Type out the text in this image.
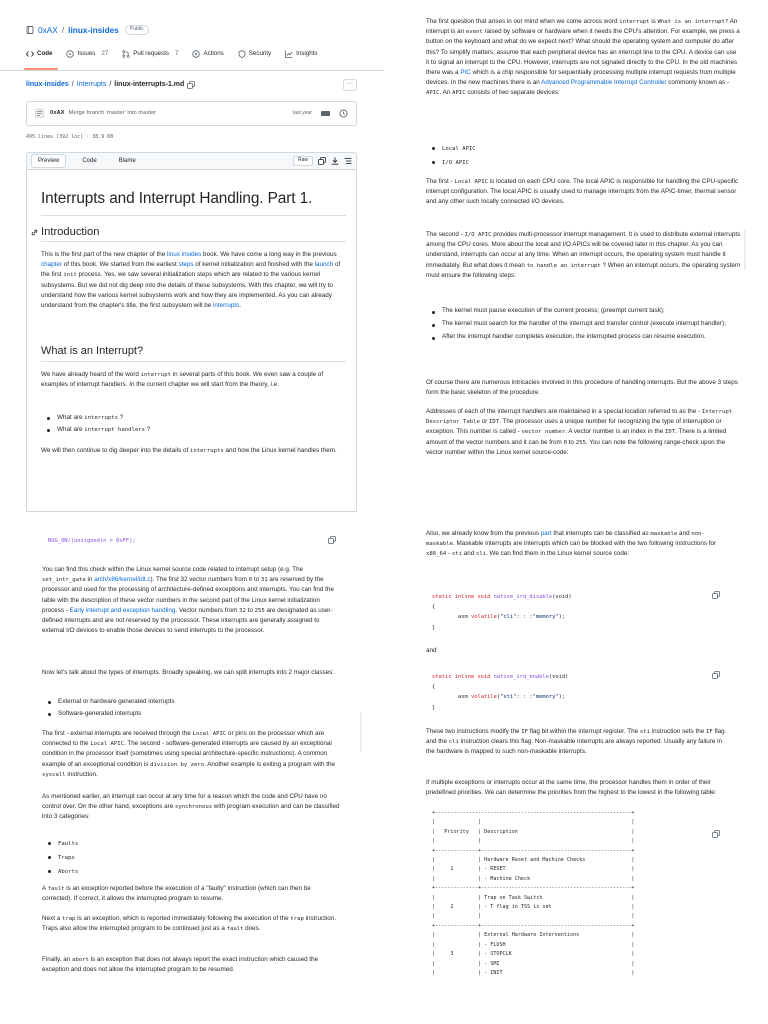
0xAX / linux-insides	Public
Code	Issues 27	Pull requests 7	Actions	Security	Insights
linux-insides / Interrupts / linux-interrupts-1.md	···
0xAX Merge branch 'master' into master	last year
495 lines (392 loc) · 38.9 KB
Preview	Code	Blame	Raw
Interrupts and Interrupt Handling. Part 1.
Introduction
This is the first part of the new chapter of the linux insides book. We have come a long way in the previous chapter of this book. We started from the earliest steps of kernel initialization and finished with the launch of the first init process. Yes, we saw several initialization steps which are related to the various kernel subsystems. But we did not dig deep into the details of these subsystems. With this chapter, we will try to understand how the various kernel subsystems work and how they are implemented. As you can already understand from the chapter's title, the first subsystem will be interrupts.
What is an Interrupt?
We have already heard of the word interrupt in several parts of this book. We even saw a couple of examples of interrupt handlers. In the current chapter we will start from the theory, i.e.
What are interrupts ?
What are interrupt handlers ?
We will then continue to dig deeper into the details of interrupts and how the Linux kernel handles them.
The first question that arises in our mind when we come across word interrupt is What is an interrupt? An interrupt is an event raised by software or hardware when it needs the CPU's attention. For example, we press a button on the keyboard and what do we expect next? What should the operating system and computer do after this? To simplify matters, assume that each peripheral device has an interrupt line to the CPU. A device can use it to signal an interrupt to the CPU. However, interrupts are not signaled directly to the CPU. In the old machines there was a PIC which is a chip responsible for sequentially processing multiple interrupt requests from multiple devices. In the new machines there is an Advanced Programmable Interrupt Controller commonly known as - APIC. An APIC consists of two separate devices:
Local APIC
I/O APIC
The first - Local APIC is located on each CPU core. The local APIC is responsible for handling the CPU-specific interrupt configuration. The local APIC is usually used to manage interrupts from the APIC-timer, thermal sensor and any other such locally connected I/O devices.
The second - I/O APIC provides multi-processor interrupt management. It is used to distribute external interrupts among the CPU cores. More about the local and I/O APICs will be covered later in this chapter. As you can understand, interrupts can occur at any time. When an interrupt occurs, the operating system must handle it immediately. But what does it mean to handle an interrupt ? When an interrupt occurs, the operating system must ensure the following steps:
The kernel must pause execution of the current process; (preempt current task);
The kernel must search for the handler of the interrupt and transfer control (execute interrupt handler);
After the interrupt handler completes execution, the interrupted process can resume execution.
Of course there are numerous intricacies involved in this procedure of handling interrupts. But the above 3 steps form the basic skeleton of the procedure.
Addresses of each of the interrupt handlers are maintained in a special location referred to as the - Interrupt Descriptor Table or IDT. The processor uses a unique number for recognizing the type of interruption or exception. This number is called - vector number. A vector number is an index in the IDT. There is a limited amount of the vector numbers and it can be from 0 to 255. You can note the following range-check upon the vector number within the Linux kernel source-code:
BUG_ON((unsigned)n > 0xFF);
You can find this check within the Linux kernel source code related to interrupt setup (e.g. The set_intr_gate in arch/x86/kernel/idt.c). The first 32 vector numbers from 0 to 31 are reserved by the processor and used for the processing of architecture-defined exceptions and interrupts. You can find the table with the description of these vector numbers in the second part of the Linux kernel initialization process - Early interrupt and exception handling. Vector numbers from 32 to 255 are designated as user-defined interrupts and are not reserved by the processor. These interrupts are generally assigned to external I/O devices to enable those devices to send interrupts to the processor.
Now let's talk about the types of interrupts. Broadly speaking, we can split interrupts into 2 major classes:
External or hardware generated interrupts
Software-generated interrupts
The first - external interrupts are received through the Local APIC or pins on the processor which are connected to the Local APIC. The second - software-generated interrupts are caused by an exceptional condition in the processor itself (sometimes using special architecture-specific instructions). A common example of an exceptional condition is division by zero. Another example is exiting a program with the syscall instruction.
As mentioned earlier, an interrupt can occur at any time for a reason which the code and CPU have no control over. On the other hand, exceptions are synchronous with program execution and can be classified into 3 categories:
Faults
Traps
Aborts
A fault is an exception reported before the execution of a "faulty" instruction (which can then be corrected). If correct, it allows the interrupted program to resume.
Next a trap is an exception, which is reported immediately following the execution of the trap instruction. Traps also allow the interrupted program to be continued just as a fault does.
Finally, an abort is an exception that does not always report the exact instruction which caused the exception and does not allow the interrupted program to be resumed.
Also, we already know from the previous part that interrupts can be classified as maskable and non-maskable. Maskable interrupts are interrupts which can be blocked with the two following instructions for x86_64 - sti and cli. We can find them in the Linux kernel source code:
static inline void native_irq_disable(void)
{
asm volatile("cli": : :"memory");
}
and
static inline void native_irq_enable(void)
{
asm volatile("sti": : :"memory");
}
These two instructions modify the IF flag bit within the interrupt register. The sti instruction sets the IF flag and the cli instruction clears this flag. Non-maskable interrupts are always reported. Usually any failure in the hardware is mapped to such non-maskable interrupts.
If multiple exceptions or interrupts occur at the same time, the processor handles them in order of their predefined priorities. We can determine the priorities from the highest to the lowest in the following table:
+----------------------------------------------------------------+
|              |                                                 |
|   Priority   | Description                                     |
|              |                                                 |
+--------------+-------------------------------------------------+
|              | Hardware Reset and Machine Checks               |
|     1        | - RESET                                         |
|              | - Machine Check                                 |
+--------------+-------------------------------------------------+
|              | Trap on Task Switch                             |
|     2        | - T flag in TSS is set                          |
|              |                                                 |
+--------------+-------------------------------------------------+
|              | External Hardware Interventions                 |
|              | - FLUSH                                         |
|     3        | - STOPCLK                                       |
|              | - SMI                                           |
|              | - INIT                                          |
